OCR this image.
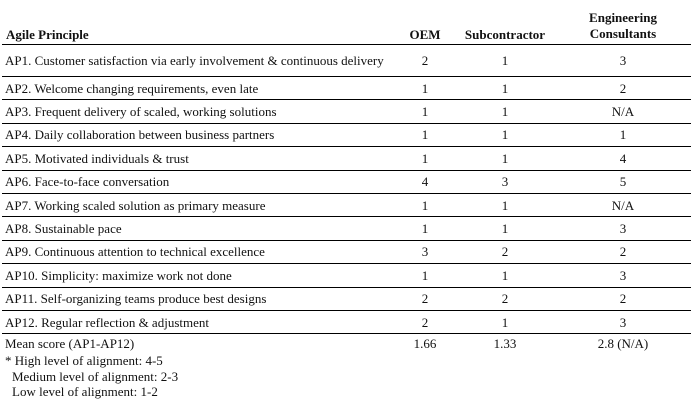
Agile Principle	OEM	Subcontractor	Engineering
Consultants
AP1. Customer satisfaction via early involvement & continuous delivery	2	1	3
AP2. Welcome changing requirements, even late	1	1	2
AP3. Frequent delivery of scaled, working solutions	1	1	N/A
AP4. Daily collaboration between business partners	1	1	1
AP5. Motivated individuals & trust	1	1	4
AP6. Face-to-face conversation	4	3	5
AP7. Working scaled solution as primary measure	1	1	N/A
AP8. Sustainable pace	1	1	3
AP9. Continuous attention to technical excellence	3	2	2
AP10. Simplicity: maximize work not done	1	1	3
AP11. Self-organizing teams produce best designs	2	2	2
AP12. Regular reflection & adjustment	2	1	3
Mean score (AP1-AP12)	1.66	1.33	2.8 (N/A)
* High level of alignment: 4-5
Medium level of alignment: 2-3
Low level of alignment: 1-2
